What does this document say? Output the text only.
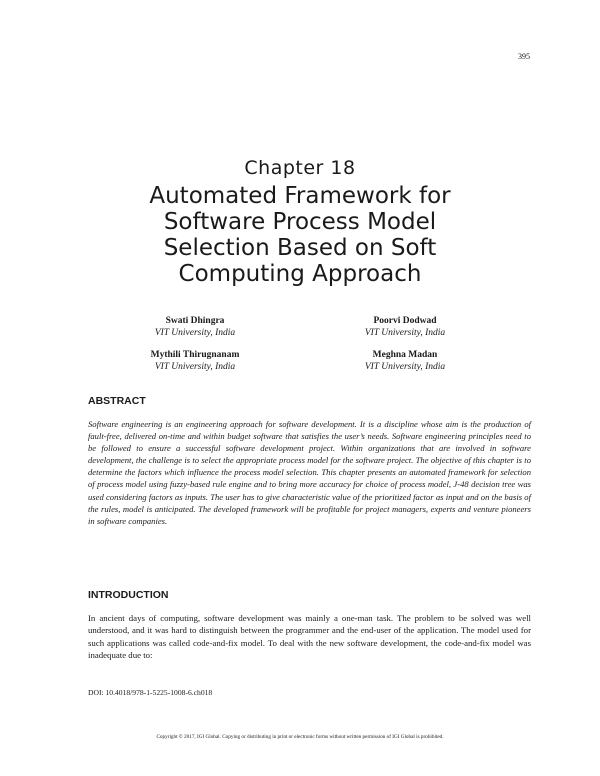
395
Chapter 18
Automated Framework for Software Process Model Selection Based on Soft Computing Approach
Swati Dhingra
VIT University, India
Poorvi Dodwad
VIT University, India
Mythili Thirugnanam
VIT University, India
Meghna Madan
VIT University, India
ABSTRACT

Software engineering is an engineering approach for software development. It is a discipline whose aim is the production of fault-free, delivered on-time and within budget software that satisfies the user’s needs. Software engineering principles need to be followed to ensure a successful software development project. Within organizations that are involved in software development, the challenge is to select the appropriate process model for the software project. The objective of this chapter is to determine the factors which influence the process model selection. This chapter presents an automated framework for selection of process model using fuzzy-based rule engine and to bring more accuracy for choice of process model, J-48 decision tree was used considering factors as inputs. The user has to give characteristic value of the prioritized factor as input and on the basis of the rules, model is anticipated. The developed framework will be profitable for project managers, experts and venture pioneers in software companies.

INTRODUCTION

In ancient days of computing, software development was mainly a one-man task. The problem to be solved was well understood, and it was hard to distinguish between the programmer and the end-user of the application. The model used for such applications was called code-and-fix model. To deal with the new software development, the code-and-fix model was inadequate due to:

DOI: 10.4018/978-1-5225-1008-6.ch018
Copyright © 2017, IGI Global. Copying or distributing in print or electronic forms without written permission of IGI Global is prohibited.
